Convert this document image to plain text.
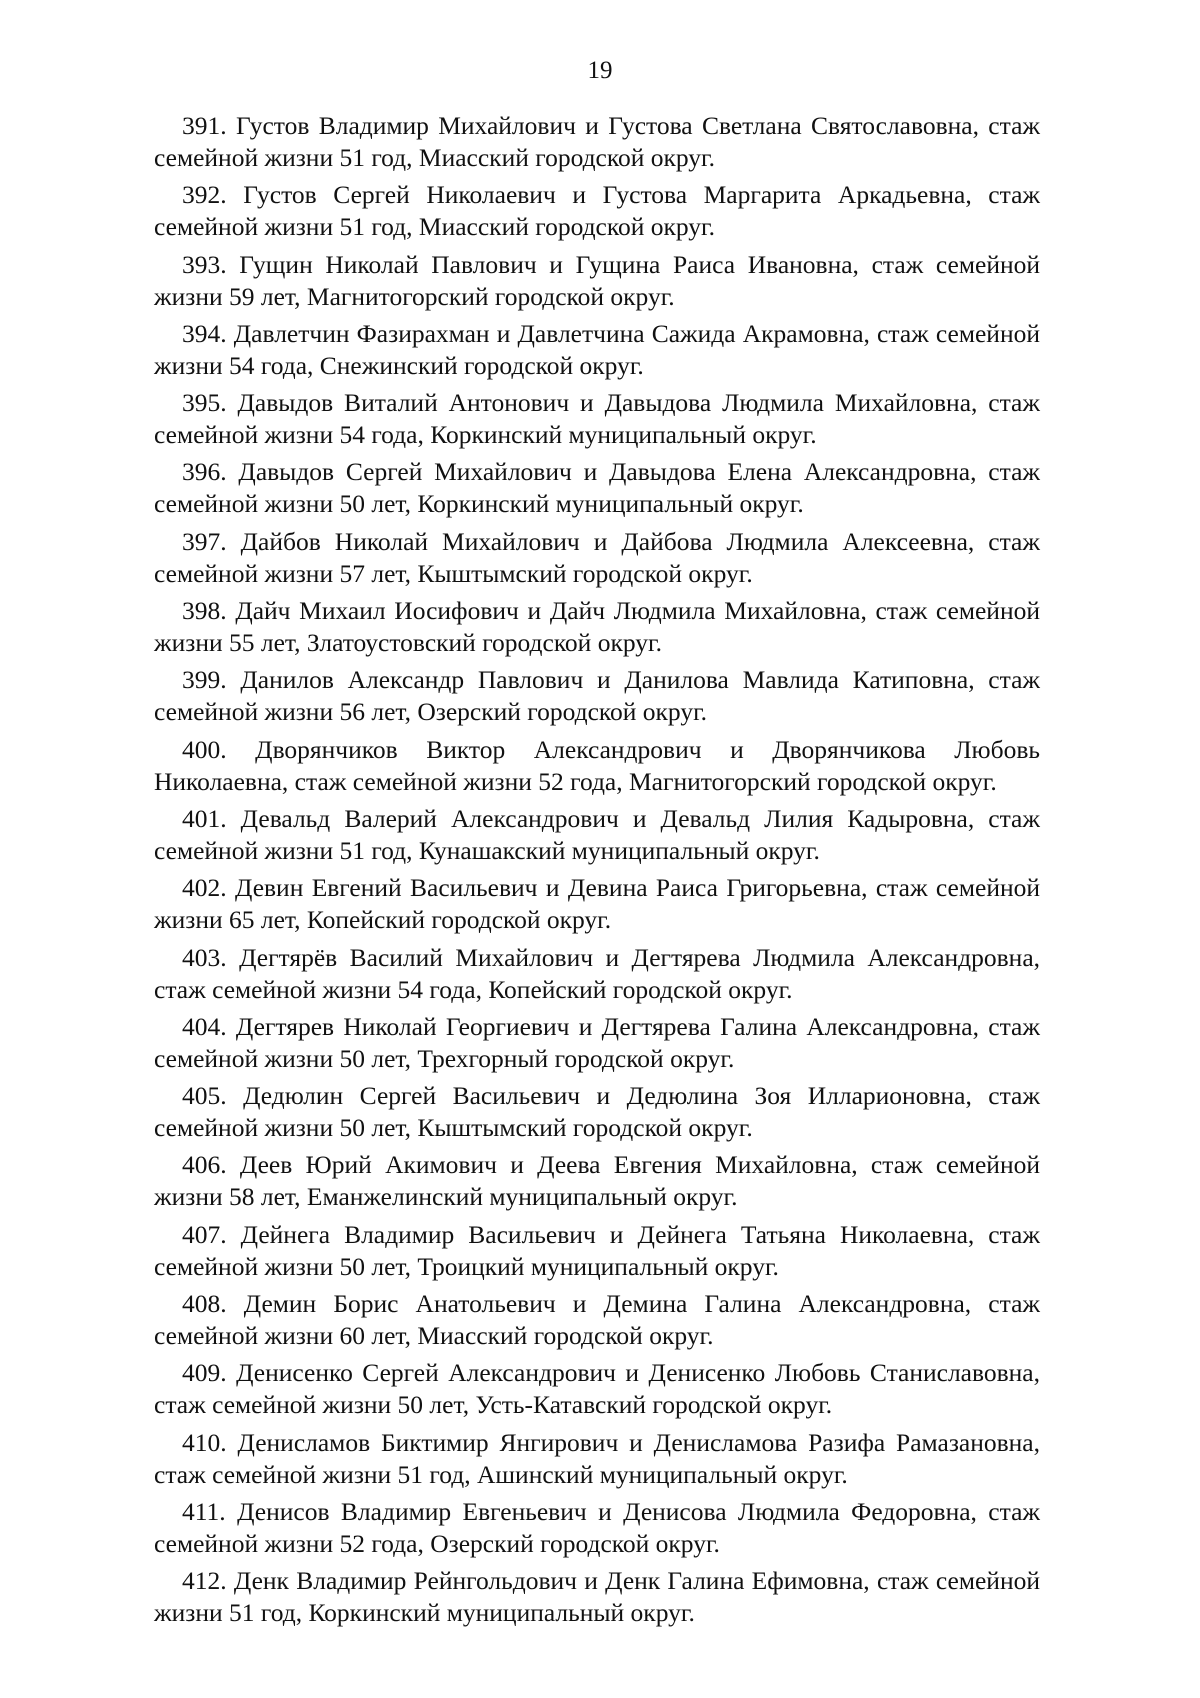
19

391. Густов Владимир Михайлович и Густова Светлана Святославовна, стаж семейной жизни 51 год, Миасский городской округ.

392. Густов Сергей Николаевич и Густова Маргарита Аркадьевна, стаж семейной жизни 51 год, Миасский городской округ.

393. Гущин Николай Павлович и Гущина Раиса Ивановна, стаж семейной жизни 59 лет, Магнитогорский городской округ.

394. Давлетчин Фазирахман и Давлетчина Сажида Акрамовна, стаж семейной жизни 54 года, Снежинский городской округ.

395. Давыдов Виталий Антонович и Давыдова Людмила Михайловна, стаж семейной жизни 54 года, Коркинский муниципальный округ.

396. Давыдов Сергей Михайлович и Давыдова Елена Александровна, стаж семейной жизни 50 лет, Коркинский муниципальный округ.

397. Дайбов Николай Михайлович и Дайбова Людмила Алексеевна, стаж семейной жизни 57 лет, Кыштымский городской округ.

398. Дайч Михаил Иосифович и Дайч Людмила Михайловна, стаж семейной жизни 55 лет, Златоустовский городской округ.

399. Данилов Александр Павлович и Данилова Мавлида Катиповна, стаж семейной жизни 56 лет, Озерский городской округ.

400. Дворянчиков Виктор Александрович и Дворянчикова Любовь Николаевна, стаж семейной жизни 52 года, Магнитогорский городской округ.

401. Девальд Валерий Александрович и Девальд Лилия Кадыровна, стаж семейной жизни 51 год, Кунашакский муниципальный округ.

402. Девин Евгений Васильевич и Девина Раиса Григорьевна, стаж семейной жизни 65 лет, Копейский городской округ.

403. Дегтярёв Василий Михайлович и Дегтярева Людмила Александровна, стаж семейной жизни 54 года, Копейский городской округ.

404. Дегтярев Николай Георгиевич и Дегтярева Галина Александровна, стаж семейной жизни 50 лет, Трехгорный городской округ.

405. Дедюлин Сергей Васильевич и Дедюлина Зоя Илларионовна, стаж семейной жизни 50 лет, Кыштымский городской округ.

406. Деев Юрий Акимович и Деева Евгения Михайловна, стаж семейной жизни 58 лет, Еманжелинский муниципальный округ.

407. Дейнега Владимир Васильевич и Дейнега Татьяна Николаевна, стаж семейной жизни 50 лет, Троицкий муниципальный округ.

408. Демин Борис Анатольевич и Демина Галина Александровна, стаж семейной жизни 60 лет, Миасский городской округ.

409. Денисенко Сергей Александрович и Денисенко Любовь Станиславовна, стаж семейной жизни 50 лет, Усть-Катавский городской округ.

410. Денисламов Биктимир Янгирович и Денисламова Разифа Рамазановна, стаж семейной жизни 51 год, Ашинский муниципальный округ.

411. Денисов Владимир Евгеньевич и Денисова Людмила Федоровна, стаж семейной жизни 52 года, Озерский городской округ.

412. Денк Владимир Рейнгольдович и Денк Галина Ефимовна, стаж семейной жизни 51 год, Коркинский муниципальный округ.
